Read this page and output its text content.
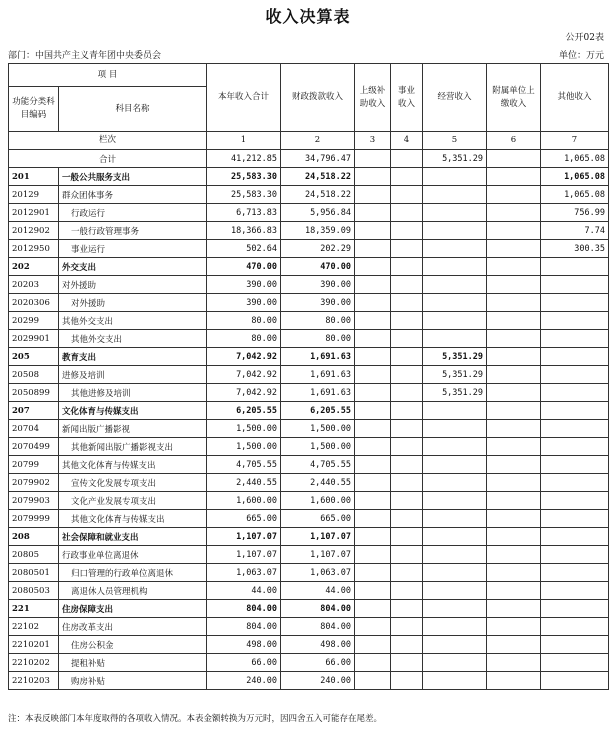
收入决算表
公开02表
部门：中国共产主义青年团中央委员会	单位：万元
项 目		本年收入合计	财政拨款收入	上级补助收入	事业收入	经营收入	附属单位上缴收入	其他收入
功能分类科目编码	科目名称							
栏次		1	2	3	4	5	6	7
合计		41,212.85	34,796.47			5,351.29		1,065.08
201	一般公共服务支出	25,583.30	24,518.22					1,065.08
20129	群众团体事务	25,583.30	24,518.22					1,065.08
2012901	行政运行	6,713.83	5,956.84					756.99
2012902	一般行政管理事务	18,366.83	18,359.09					7.74
2012950	事业运行	502.64	202.29					300.35
202	外交支出	470.00	470.00					
20203	对外援助	390.00	390.00					
2020306	对外援助	390.00	390.00					
20299	其他外交支出	80.00	80.00					
2029901	其他外交支出	80.00	80.00					
205	教育支出	7,042.92	1,691.63			5,351.29		
20508	进修及培训	7,042.92	1,691.63			5,351.29		
2050899	其他进修及培训	7,042.92	1,691.63			5,351.29		
207	文化体育与传媒支出	6,205.55	6,205.55					
20704	新闻出版广播影视	1,500.00	1,500.00					
2070499	其他新闻出版广播影视支出	1,500.00	1,500.00					
20799	其他文化体育与传媒支出	4,705.55	4,705.55					
2079902	宣传文化发展专项支出	2,440.55	2,440.55					
2079903	文化产业发展专项支出	1,600.00	1,600.00					
2079999	其他文化体育与传媒支出	665.00	665.00					
208	社会保障和就业支出	1,107.07	1,107.07					
20805	行政事业单位离退休	1,107.07	1,107.07					
2080501	归口管理的行政单位离退休	1,063.07	1,063.07					
2080503	离退休人员管理机构	44.00	44.00					
221	住房保障支出	804.00	804.00					
22102	住房改革支出	804.00	804.00					
2210201	住房公积金	498.00	498.00					
2210202	提租补贴	66.00	66.00					
2210203	购房补贴	240.00	240.00					
注：本表反映部门本年度取得的各项收入情况。本表金额转换为万元时，因四舍五入可能存在尾差。
